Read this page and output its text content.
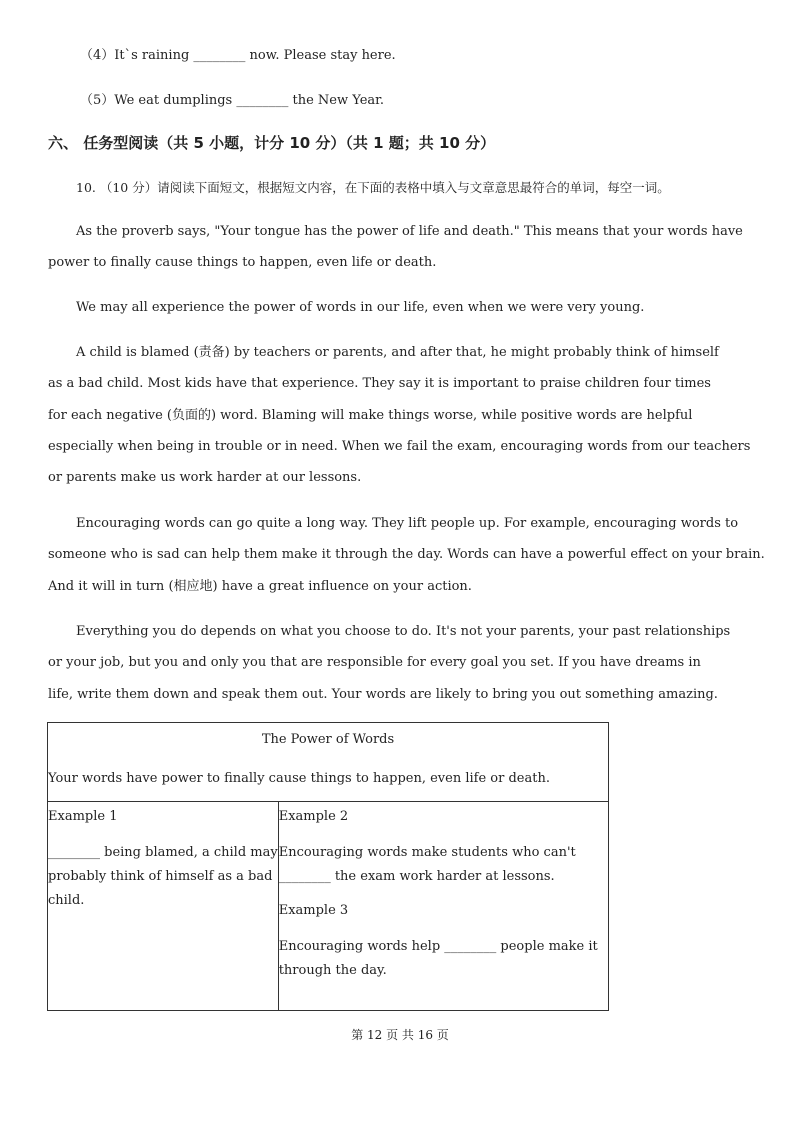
（4）It`s raining ________ now. Please stay here.
（5）We eat dumplings ________ the New Year.
六、 任务型阅读（共 5 小题，计分 10 分）（共 1 题；共 10 分）
10. （10 分）请阅读下面短文，根据短文内容，在下面的表格中填入与文章意思最符合的单词，每空一词。
As the proverb says, "Your tongue has the power of life and death." This means that your words have
power to finally cause things to happen, even life or death.
We may all experience the power of words in our life, even when we were very young.
A child is blamed (责备) by teachers or parents, and after that, he might probably think of himself
as a bad child. Most kids have that experience. They say it is important to praise children four times
for each negative (负面的) word. Blaming will make things worse, while positive words are helpful
especially when being in trouble or in need. When we fail the exam, encouraging words from our teachers
or parents make us work harder at our lessons.
Encouraging words can go quite a long way. They lift people up. For example, encouraging words to
someone who is sad can help them make it through the day. Words can have a powerful effect on your brain.
And it will in turn (相应地) have a great influence on your action.
Everything you do depends on what you choose to do. It's not your parents, your past relationships
or your job, but you and only you that are responsible for every goal you set. If you have dreams in
life, write them down and speak them out. Your words are likely to bring you out something amazing.
The Power of Words
Your words have power to finally cause things to happen, even life or death.

Example 1
________ being blamed, a child may
probably think of himself as a bad
child.

Example 2
Encouraging words make students who can't
________ the exam work harder at lessons.
Example 3
Encouraging words help ________ people make it
through the day.
第 12 页 共 16 页
